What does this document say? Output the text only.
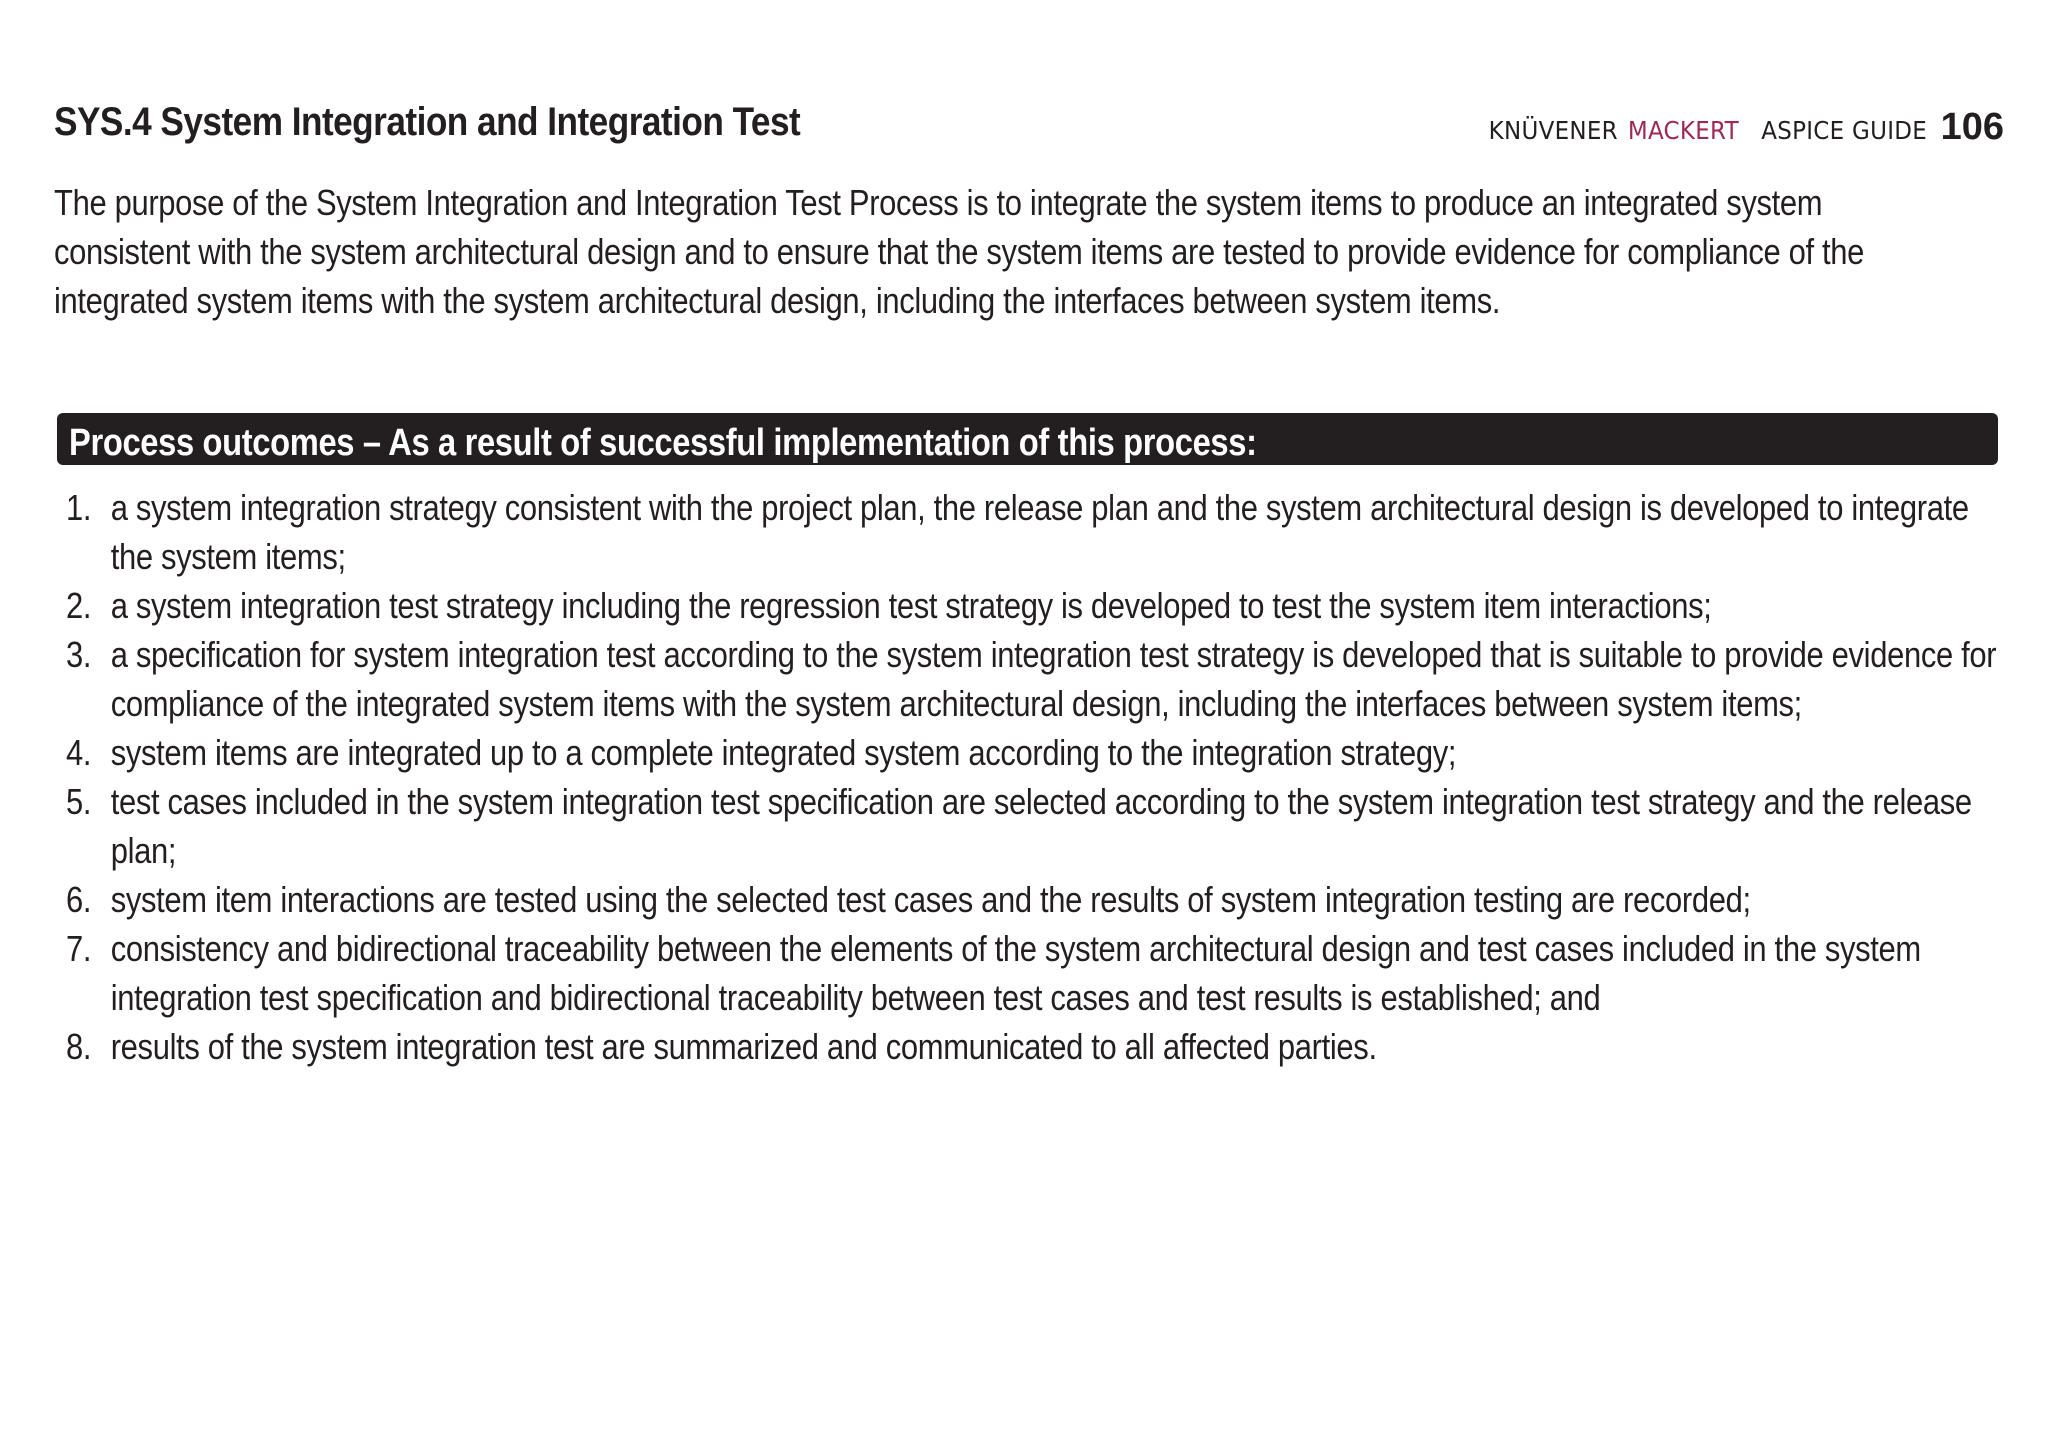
SYS.4 System Integration and Integration Test	KNÜVENER MACKERT ASPICE GUIDE 106
The purpose of the System Integration and Integration Test Process is to integrate the system items to produce an integrated system consistent with the system architectural design and to ensure that the system items are tested to provide evidence for compliance of the integrated system items with the system architectural design, including the interfaces between system items.
Process outcomes – As a result of successful implementation of this process:
1. a system integration strategy consistent with the project plan, the release plan and the system architectural design is developed to integrate the system items;
2. a system integration test strategy including the regression test strategy is developed to test the system item interactions;
3. a specification for system integration test according to the system integration test strategy is developed that is suitable to provide evidence for compliance of the integrated system items with the system architectural design, including the interfaces between system items;
4. system items are integrated up to a complete integrated system according to the integration strategy;
5. test cases included in the system integration test specification are selected according to the system integration test strategy and the release plan;
6. system item interactions are tested using the selected test cases and the results of system integration testing are recorded;
7. consistency and bidirectional traceability between the elements of the system architectural design and test cases included in the system integration test specification and bidirectional traceability between test cases and test results is established; and
8. results of the system integration test are summarized and communicated to all affected parties.
